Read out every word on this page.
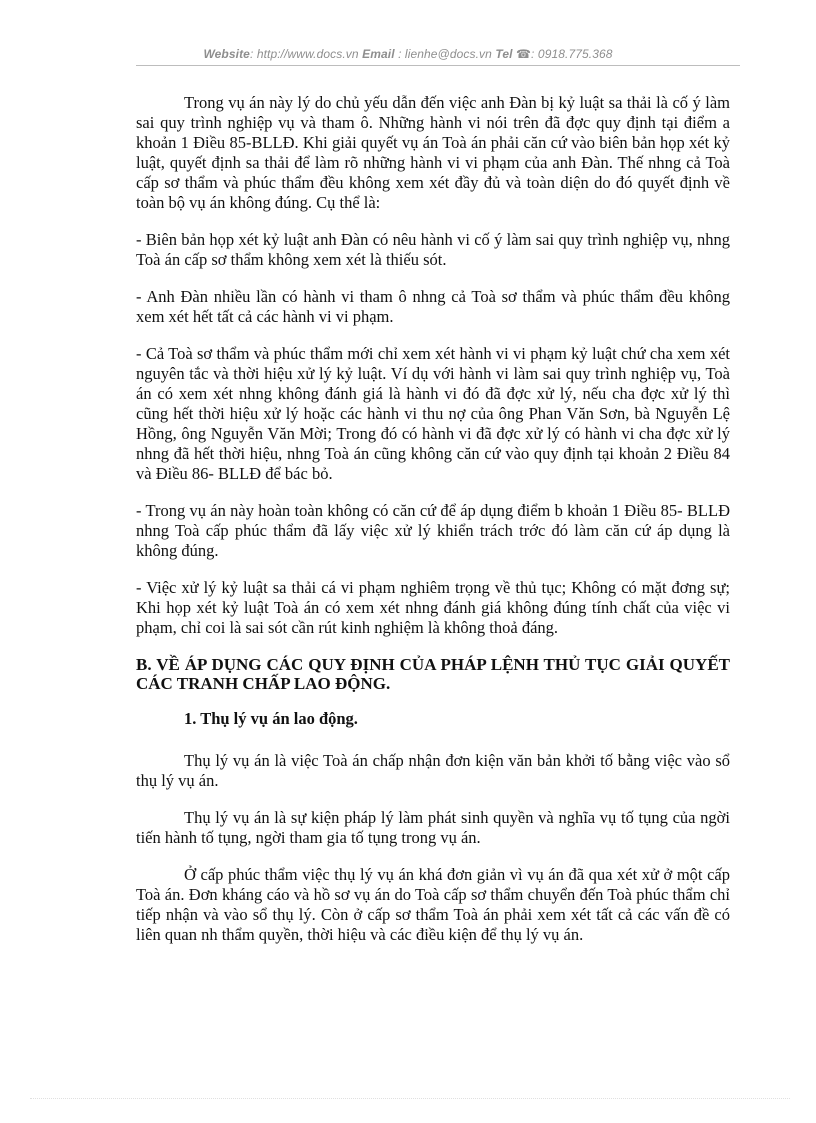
Website: http://www.docs.vn Email : lienhe@docs.vn Tel ☎: 0918.775.368

Trong vụ án này lý do chủ yếu dẫn đến việc anh Đàn bị kỷ luật sa thải là cố ý làm sai quy trình nghiệp vụ và tham ô. Những hành vi nói trên đã đợc quy định tại điểm a khoản 1 Điều 85-BLLĐ. Khi giải quyết vụ án Toà án phải căn cứ vào biên bản họp xét kỷ luật, quyết định sa thải để làm rõ những hành vi vi phạm của anh Đàn. Thế nhng cả Toà cấp sơ thẩm và phúc thẩm đều không xem xét đầy đủ và toàn diện do đó quyết định về toàn bộ vụ án không đúng. Cụ thể là:

- Biên bản họp xét kỷ luật anh Đàn có nêu hành vi cố ý làm sai quy trình nghiệp vụ, nhng Toà án cấp sơ thẩm không xem xét là thiếu sót.

- Anh Đàn nhiều lần có hành vi tham ô nhng cả Toà sơ thẩm và phúc thẩm đều không xem xét hết tất cả các hành vi vi phạm.

- Cả Toà sơ thẩm và phúc thẩm mới chỉ xem xét hành vi vi phạm kỷ luật chứ cha xem xét nguyên tắc và thời hiệu xử lý kỷ luật. Ví dụ với hành vi làm sai quy trình nghiệp vụ, Toà án có xem xét nhng không đánh giá là hành vi đó đã đợc xử lý, nếu cha đợc xử lý thì cũng hết thời hiệu xử lý hoặc các hành vi thu nợ của ông Phan Văn Sơn, bà Nguyễn Lệ Hồng, ông Nguyễn Văn Mời; Trong đó có hành vi đã đợc xử lý có hành vi cha đợc xử lý nhng đã hết thời hiệu, nhng Toà án cũng không căn cứ vào quy định tại khoản 2 Điều 84 và Điều 86- BLLĐ để bác bỏ.

- Trong vụ án này hoàn toàn không có căn cứ để áp dụng điểm b khoản 1 Điều 85- BLLĐ nhng Toà cấp phúc thẩm đã lấy việc xử lý khiển trách trớc đó làm căn cứ áp dụng là không đúng.

- Việc xử lý kỷ luật sa thải cá vi phạm nghiêm trọng về thủ tục; Không có mặt đơng sự; Khi họp xét kỷ luật Toà án có xem xét nhng đánh giá không đúng tính chất của việc vi phạm, chỉ coi là sai sót cần rút kinh nghiệm là không thoả đáng.

B. VỀ ÁP DỤNG CÁC QUY ĐỊNH CỦA PHÁP LỆNH THỦ TỤC GIẢI QUYẾT CÁC TRANH CHẤP LAO ĐỘNG.
1. Thụ lý vụ án lao động.

Thụ lý vụ án là việc Toà án chấp nhận đơn kiện văn bản khởi tố bằng việc vào sổ thụ lý vụ án.

Thụ lý vụ án là sự kiện pháp lý làm phát sinh quyền và nghĩa vụ tố tụng của ngời tiến hành tố tụng, ngời tham gia tố tụng trong vụ án.

Ở cấp phúc thẩm việc thụ lý vụ án khá đơn giản vì vụ án đã qua xét xử ở một cấp Toà án. Đơn kháng cáo và hồ sơ vụ án do Toà cấp sơ thẩm chuyển đến Toà phúc thẩm chỉ tiếp nhận và vào sổ thụ lý. Còn ở cấp sơ thẩm Toà án phải xem xét tất cả các vấn đề có liên quan nh thẩm quyền, thời hiệu và các điều kiện để thụ lý vụ án.
